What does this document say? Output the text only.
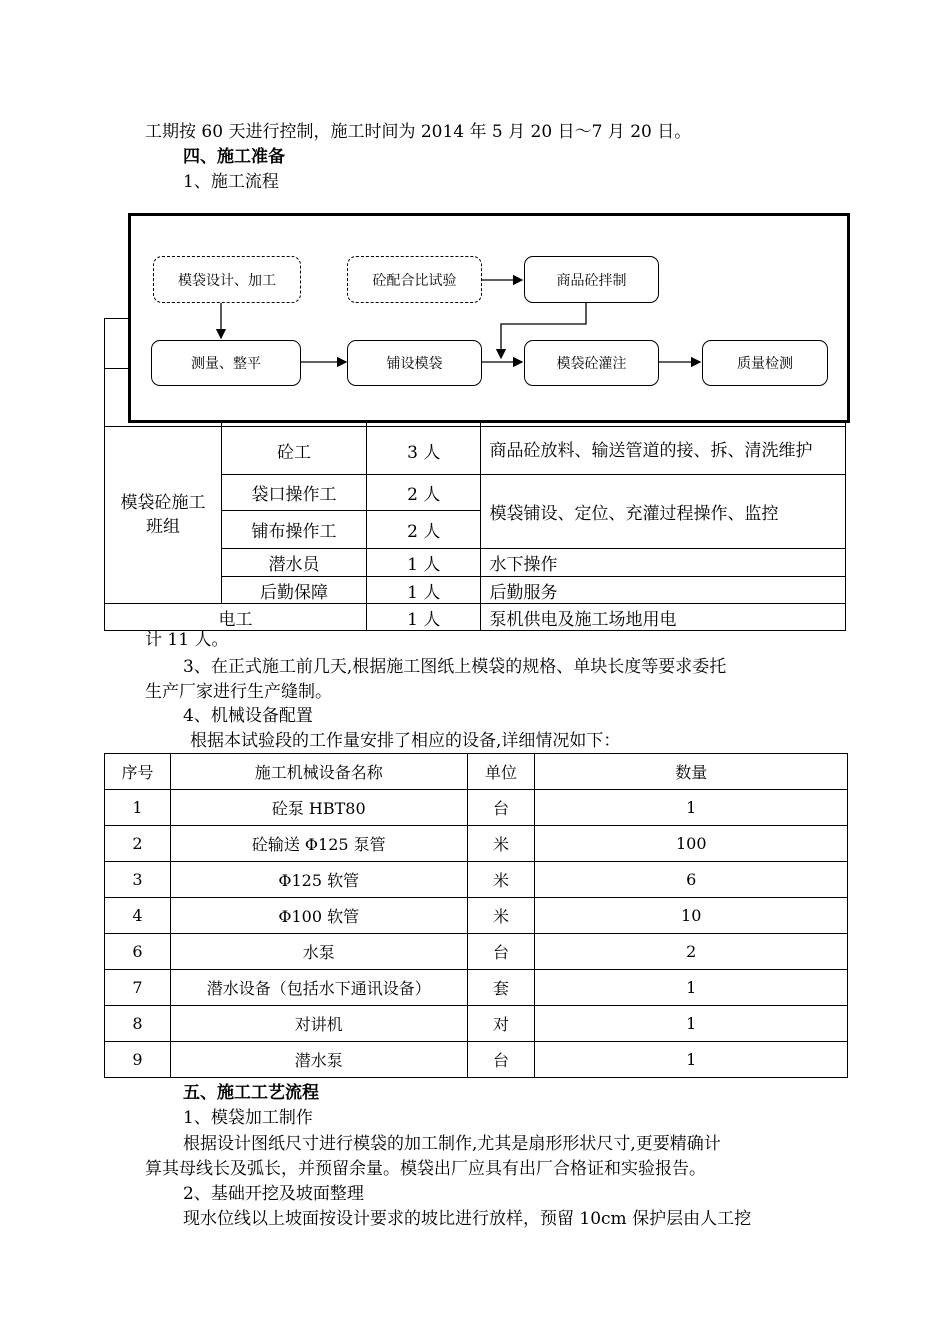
工期按 60 天进行控制，施工时间为 2014 年 5 月 20 日～7 月 20 日。
四、施工准备
1、施工流程

模袋砼施工班组	砼工	3 人	商品砼放料、输送管道的接、拆、清洗维护
	袋口操作工	2 人	模袋铺设、定位、充灌过程操作、监控
	铺布操作工	2 人	
	潜水员	1 人	水下操作
	后勤保障	1 人	后勤服务

电工		1 人	泵机供电及施工场地用电
模袋设计、加工	砼配合比试验	商品砼拌制
测量、整平	铺设模袋	模袋砼灌注	质量检测
计 11 人。
3、在正式施工前几天,根据施工图纸上模袋的规格、单块长度等要求委托
生产厂家进行生产缝制。
4、机械设备配置
根据本试验段的工作量安排了相应的设备,详细情况如下：
序号	施工机械设备名称	单位	数量
1	砼泵 HBT80	台	1
2	砼输送 Φ125 泵管	米	100
3	Φ125 软管	米	6
4	Φ100 软管	米	10
6	水泵	台	2
7	潜水设备（包括水下通讯设备）	套	1
8	对讲机	对	1
9	潜水泵	台	1
五、施工工艺流程
1、模袋加工制作
根据设计图纸尺寸进行模袋的加工制作,尤其是扇形形状尺寸,更要精确计
算其母线长及弧长，并预留余量。模袋出厂应具有出厂合格证和实验报告。
2、基础开挖及坡面整理
现水位线以上坡面按设计要求的坡比进行放样，预留 10cm 保护层由人工挖
